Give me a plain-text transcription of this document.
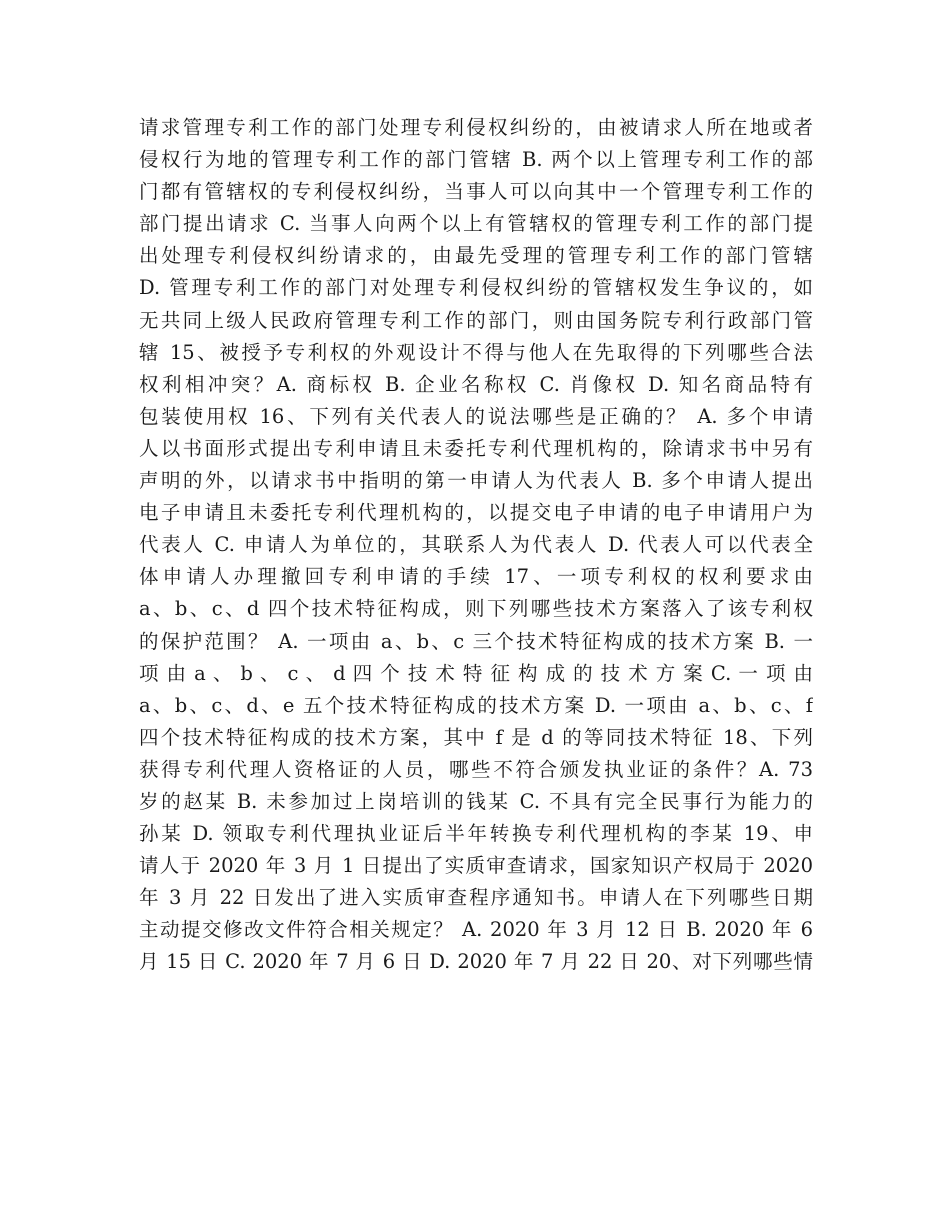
请求管理专利工作的部门处理专利侵权纠纷的，由被请求人所在地或者
侵权行为地的管理专利工作的部门管辖 B. 两个以上管理专利工作的部
门都有管辖权的专利侵权纠纷，当事人可以向其中一个管理专利工作的
部门提出请求 C. 当事人向两个以上有管辖权的管理专利工作的部门提
出处理专利侵权纠纷请求的，由最先受理的管理专利工作的部门管辖
D. 管理专利工作的部门对处理专利侵权纠纷的管辖权发生争议的，如
无共同上级人民政府管理专利工作的部门，则由国务院专利行政部门管
辖 15、被授予专利权的外观设计不得与他人在先取得的下列哪些合法
权利相冲突？A. 商标权 B. 企业名称权 C. 肖像权 D. 知名商品特有
包装使用权 16、下列有关代表人的说法哪些是正确的？ A. 多个申请
人以书面形式提出专利申请且未委托专利代理机构的，除请求书中另有
声明的外，以请求书中指明的第一申请人为代表人 B. 多个申请人提出
电子申请且未委托专利代理机构的，以提交电子申请的电子申请用户为
代表人 C. 申请人为单位的，其联系人为代表人 D. 代表人可以代表全
体申请人办理撤回专利申请的手续 17、一项专利权的权利要求由
a、b、c、d 四个技术特征构成，则下列哪些技术方案落入了该专利权
的保护范围？ A. 一项由 a、b、c 三个技术特征构成的技术方案 B. 一
项 由 a 、 b 、 c 、 d 四 个 技 术 特 征 构 成 的 技 术 方 案 C. 一 项 由
a、b、c、d、e 五个技术特征构成的技术方案 D. 一项由 a、b、c、f
四个技术特征构成的技术方案，其中 f 是 d 的等同技术特征 18、下列
获得专利代理人资格证的人员，哪些不符合颁发执业证的条件？A. 73
岁的赵某 B. 未参加过上岗培训的钱某 C. 不具有完全民事行为能力的
孙某 D. 领取专利代理执业证后半年转换专利代理机构的李某 19、申
请人于 2020 年 3 月 1 日提出了实质审查请求，国家知识产权局于 2020
年 3 月 22 日发出了进入实质审查程序通知书。申请人在下列哪些日期
主动提交修改文件符合相关规定？ A. 2020 年 3 月 12 日 B. 2020 年 6
月 15 日 C. 2020 年 7 月 6 日 D. 2020 年 7 月 22 日 20、对下列哪些情
